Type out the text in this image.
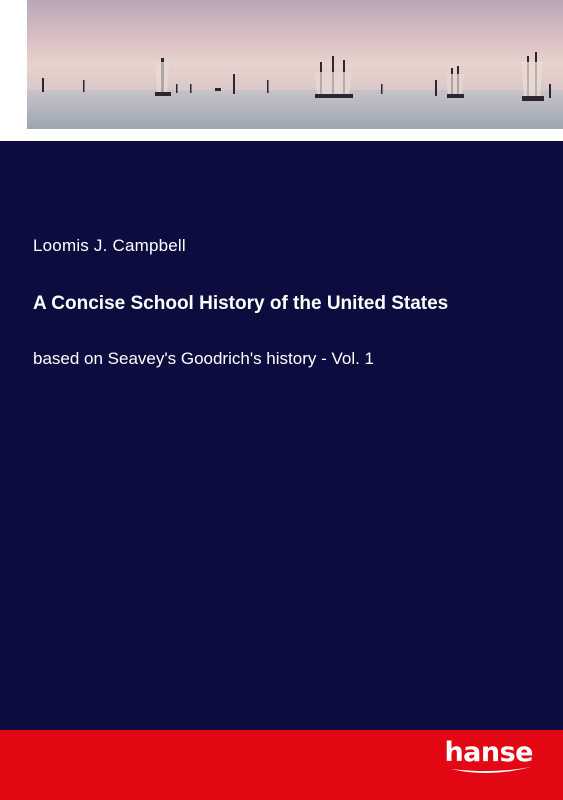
Loomis J. Campbell
A Concise School History of the United States
based on Seavey's Goodrich's history - Vol. 1
hanse
